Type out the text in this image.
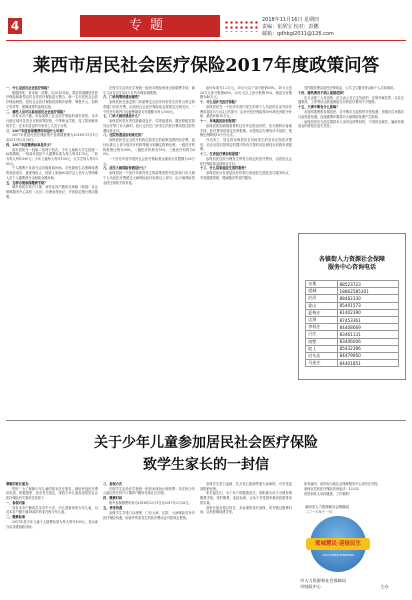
4	专题	2018年11月16日 星期四
责编：崔炳宝 校对：彭鹏
邮箱：qdhbgl2011@126.com
莱西市居民社会医疗保险2017年度政策问答

一、什么是居民社会医疗保险？

根据国家、省市统一部署，自2015年起，我市将城镇居民医疗保险和新型农村合作医疗保险进行整合，统一实行居民社会医疗保险制度。居民社会医疗保险按照城乡统筹、筹资多元、权利义务对等、保障适度的原则实施。

二、哪些人员可以参加居民社会医疗保险？

具有本市户籍，未参加职工社会医疗保险的城乡居民；本市行政区域内各类全日制高等院校、中等职业学校、技工院校就读的学生；在本市居住的外来务工人员子女等。

三、2017年度参保缴费时间是什么时候？

2017年度居民医疗保险集中参保缴费期为2016年11月1日至2017年2月28日。

四、2017年度缴费标准是多少？

成年居民分一档和二档两个档次，少年儿童和大学生按统一标准缴纳。一档成年居民个人缴费标准为每人每年170元，二档为每人每年390元；少年儿童每人每年100元；大学生每人每年100元。

个人缴费不足部分由各级财政补助。享受最低生活保障待遇的家庭成员、重度残疾人、低收入家庭60周岁以上老年人等困难人员个人缴费部分由财政全额补助。

五、怎样办理参保缴费手续？

城乡居民可持户口簿、身份证到户籍所在地镇（街道）社会保障服务中心或村（社区）办理参保登记，并到指定银行网点缴费。

在校学生由所在学校统一组织办理参保登记和缴费手续；新生儿可在出生后3个月内办理参保缴费。

六、门诊统筹待遇有哪些？

参保居民在选定的门诊统筹定点医疗机构发生的符合规定的普通门诊医疗费，由居民社会医疗保险基金按规定比例支付。一个医疗年度内门诊统筹最高支付限额为每人500元。

七、门诊大病待遇是什么？

参保居民患有恶性肿瘤放化疗、尿毒症透析、器官移植抗排异治疗等门诊大病的，经认定后在门诊发生的医疗费用按住院待遇标准支付。

八、住院待遇是如何规定的？

参保居民在定点医疗机构住院发生的政策范围内医疗费，起付标准以上部分按医疗机构等级分别确定报销比例。一级医疗机构报销比例为90%，二级医疗机构为75%，三级医疗机构为60%。

一个医疗年度内居民社会医疗保险基金最高支付限额为20万元。

九、居民大病保险待遇是什么？

参保居民一个医疗年度内发生的政策范围内住院和门诊大病个人负担医疗费超过大病保险起付标准以上部分，由大病保险资金按比例给予再补偿。

起付标准为1.2万元，10万元以下部分报销50%，10万元至20万元部分报销60%，20万元以上部分报销70%，最高支付限额为40万元。

十、什么是补充医疗保险？

参保居民在一个医疗年度内发生的需个人负担的目录外医疗费用超过5万元以上的部分，由补充医疗保险按50%的比例给予补助，最高补助10万元。

十一、异地就医如何报销？

参保居民因病情需要转往市外住院治疗的，应办理转诊备案手续，医疗费用按规定比例报销。未按规定办理转诊手续的，报销比例降低10个百分点。

外出务工、居住的参保居民在异地发生的急诊住院医疗费用，应在出院后按规定时限内持有关资料到社保经办机构申请报销。

十二、生育医疗费如何报销？

参保居民住院分娩发生的符合规定的医疗费用，由居民社会医疗保险基金按规定支付。

十三、什么是家庭医生签约服务？

参保居民可在基层医疗机构与家庭医生团队签订服务协议，享受健康管理、慢病随访等签约服务。

签约服务费由居民医保基金、公共卫生服务资金和个人共同承担。

十四、哪些费用不纳入报销范围？

应当由第三人负担的、应当由公共卫生负担的、在境外就医的、以及交通事故、工伤等应由其他保险支付的医疗费用不予报销。

十五、欠费中断有什么影响？

未按时缴费的参保居民，自中断次月起暂停享受待遇；补缴后自补缴次月起恢复待遇。连续缴费年限将对大病保险待遇产生影响。

参保居民应当如实提供本人身份证明等材料，不得冒名就医，骗取医保基金的将依法追究责任。

各镇街人力资源社会保障
服务中心咨询电话
水集	88523723
望城	18862585301
沽河	88462330
姜山	85401573
夏格庄	81402390
店埠	87453361
李权庄	84408069
日庄	83461131
南墅	83406006
院上	85432396
河头店	84479950
马连庄	84401851
关于少年儿童参加居民社会医疗保险
致学生家长的一封信

尊敬的家长朋友：

您好！为了保障少年儿童的基本医疗需求，减轻家庭医疗费用负担，根据国家、省市有关规定，现将少年儿童参加居民社会医疗保险有关事项告知如下：

一、参保对象

具有本市户籍或在本市中小学、幼儿园就读的少年儿童，以及本市户籍不满18周岁的非在校少年儿童。

二、缴费标准

2017年度少年儿童个人缴费标准为每人每年100元，其余部分由各级财政补助。

三、参保方式

在校学生由所在学校统一组织参保登记和收费；非在校少年儿童由家长持户口簿到户籍所在地社区办理。

四、缴费时间

集中参保缴费时间为2016年12月1日至2017年2月28日。

五、享受待遇

参保学生享受门诊统筹、门诊大病、住院、大病保险及补充医疗保险待遇，因意外伤害发生的医疗费用也可按规定报销。

参保学生患白血病、先天性心脏病等重大疾病的，可享受更高报销比例。

家长朋友们，为了孩子的健康成长，请积极为孩子办理参保缴费手续，按时缴费，连续参保，让孩子享受国家惠民政策带来的实惠。

请家长朋友相互转告，未参保的及时参保，切勿错过缴费时间，以免影响待遇享受。

如有疑问，请咨询当地社会保障服务中心或所在学校。

莱西市居民医疗保险咨询电话：12333

祝您和家人身体健康，工作顺利！

莱西市人力资源和社会保障局
二〇一六年十一月
莺城慧民·迎接民生
LAIXI HUIMIN MINSHENG
市人力资源和社会保障局
市财政中心	主办
